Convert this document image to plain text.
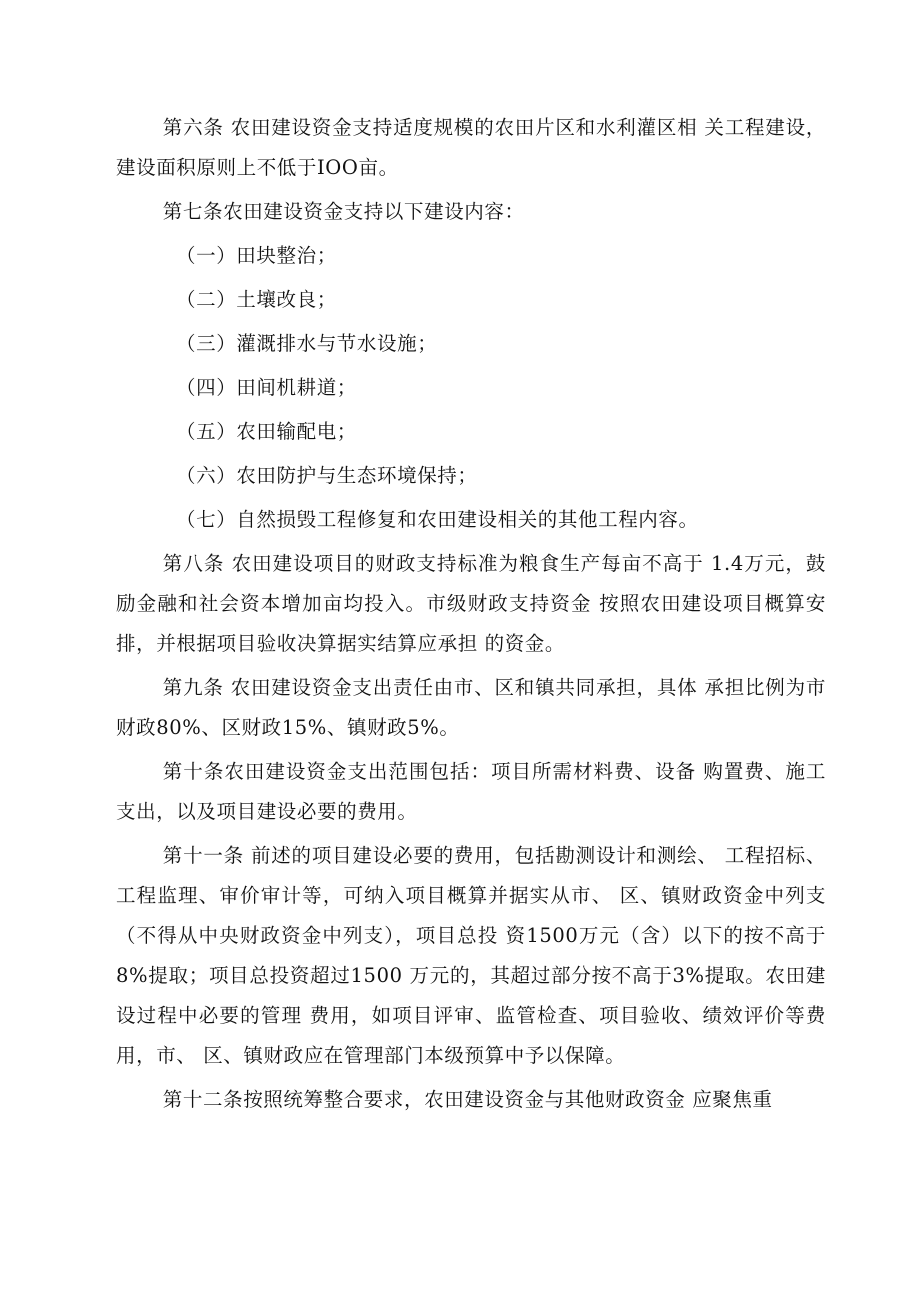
第六条 农田建设资金支持适度规模的农田片区和水利灌区相 关工程建设，建设面积原则上不低于IOO亩。

第七条农田建设资金支持以下建设内容：

（一）田块整治；

（二）土壤改良；

（三）灌溉排水与节水设施；

（四）田间机耕道；

（五）农田输配电；

（六）农田防护与生态环境保持；

（七）自然损毁工程修复和农田建设相关的其他工程内容。

第八条 农田建设项目的财政支持标准为粮食生产每亩不高于 1.4万元，鼓励金融和社会资本增加亩均投入。市级财政支持资金 按照农田建设项目概算安排，并根据项目验收决算据实结算应承担 的资金。

第九条 农田建设资金支出责任由市、区和镇共同承担，具体 承担比例为市财政80%、区财政15%、镇财政5%。

第十条农田建设资金支出范围包括：项目所需材料费、设备 购置费、施工支出，以及项目建设必要的费用。

第十一条 前述的项目建设必要的费用，包括勘测设计和测绘、 工程招标、工程监理、审价审计等，可纳入项目概算并据实从市、 区、镇财政资金中列支（不得从中央财政资金中列支），项目总投 资1500万元（含）以下的按不高于8%提取；项目总投资超过1500 万元的，其超过部分按不高于3%提取。农田建设过程中必要的管理 费用，如项目评审、监管检查、项目验收、绩效评价等费用，市、 区、镇财政应在管理部门本级预算中予以保障。

第十二条按照统筹整合要求，农田建设资金与其他财政资金 应聚焦重
